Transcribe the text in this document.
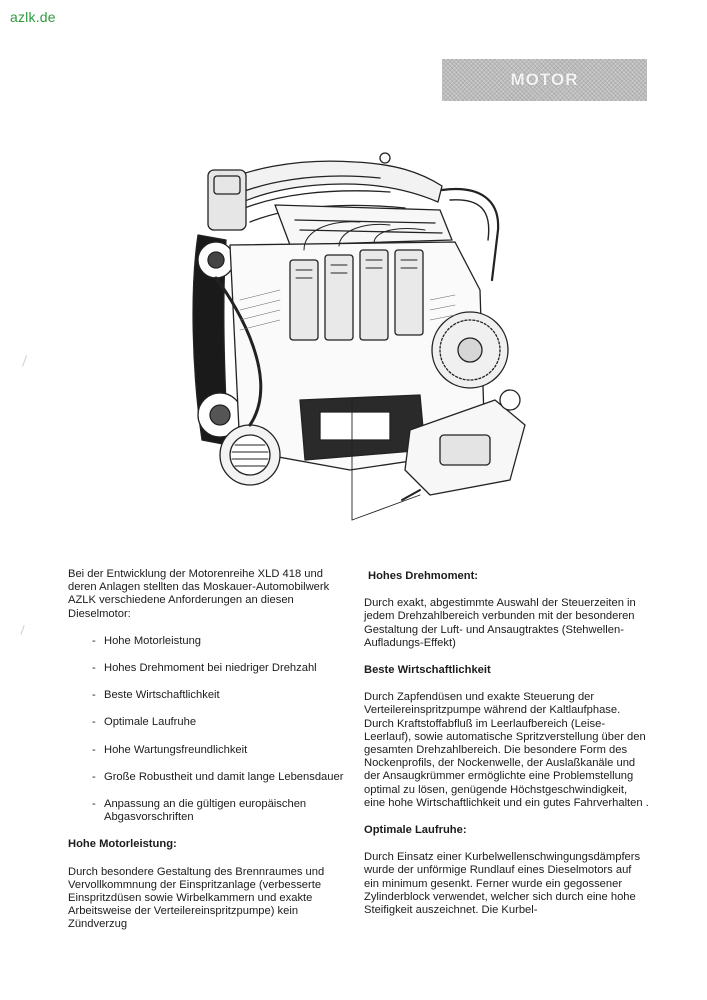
azlk.de
MOTOR

Bei der Entwicklung der Motorenreihe XLD 418 und deren Anlagen stellten das Moskauer-Automobilwerk AZLK verschiedene Anforderungen an diesen Dieselmotor:

- Hohe Motorleistung
- Hohes Drehmoment bei niedriger Drehzahl
- Beste Wirtschaftlichkeit
- Optimale Laufruhe
- Hohe Wartungsfreundlichkeit
- Große Robustheit und damit lange Lebensdauer
- Anpassung an die gültigen europäischen Abgasvorschriften

Hohe Motorleistung:

Durch besondere Gestaltung des Brennraumes und Vervollkommnung der Einspritzanlage (verbesserte Einspritzdüsen sowie Wirbelkammern und exakte Arbeitsweise der Verteilereinspritzpumpe) kein Zündverzug

Hohes Drehmoment:

Durch exakt, abgestimmte Auswahl der Steuerzeiten in jedem Drehzahlbereich verbunden mit der besonderen Gestaltung der Luft- und Ansaugtraktes (Stehwellen-Aufladungs-Effekt)

Beste Wirtschaftlichkeit

Durch Zapfendüsen und exakte Steuerung der Verteilereinspritzpumpe während der Kaltlaufphase. Durch Kraftstoffabfluß im Leerlaufbereich (Leise-Leerlauf), sowie automatische Spritzverstellung über den gesamten Drehzahlbereich. Die besondere Form des Nockenprofils, der Nockenwelle, der Auslaßkanäle und der Ansaugkrümmer ermöglichte eine Problemstellung optimal zu lösen, genügende Höchstgeschwindigkeit, eine hohe Wirtschaftlichkeit und ein gutes Fahrverhalten .

Optimale Laufruhe:

Durch Einsatz einer Kurbelwellenschwingungsdämpfers wurde der unförmige Rundlauf eines Dieselmotors auf ein minimum gesenkt. Ferner wurde ein gegossener Zylinderblock verwendet, welcher sich durch eine hohe Steifigkeit auszeichnet. Die Kurbel-
